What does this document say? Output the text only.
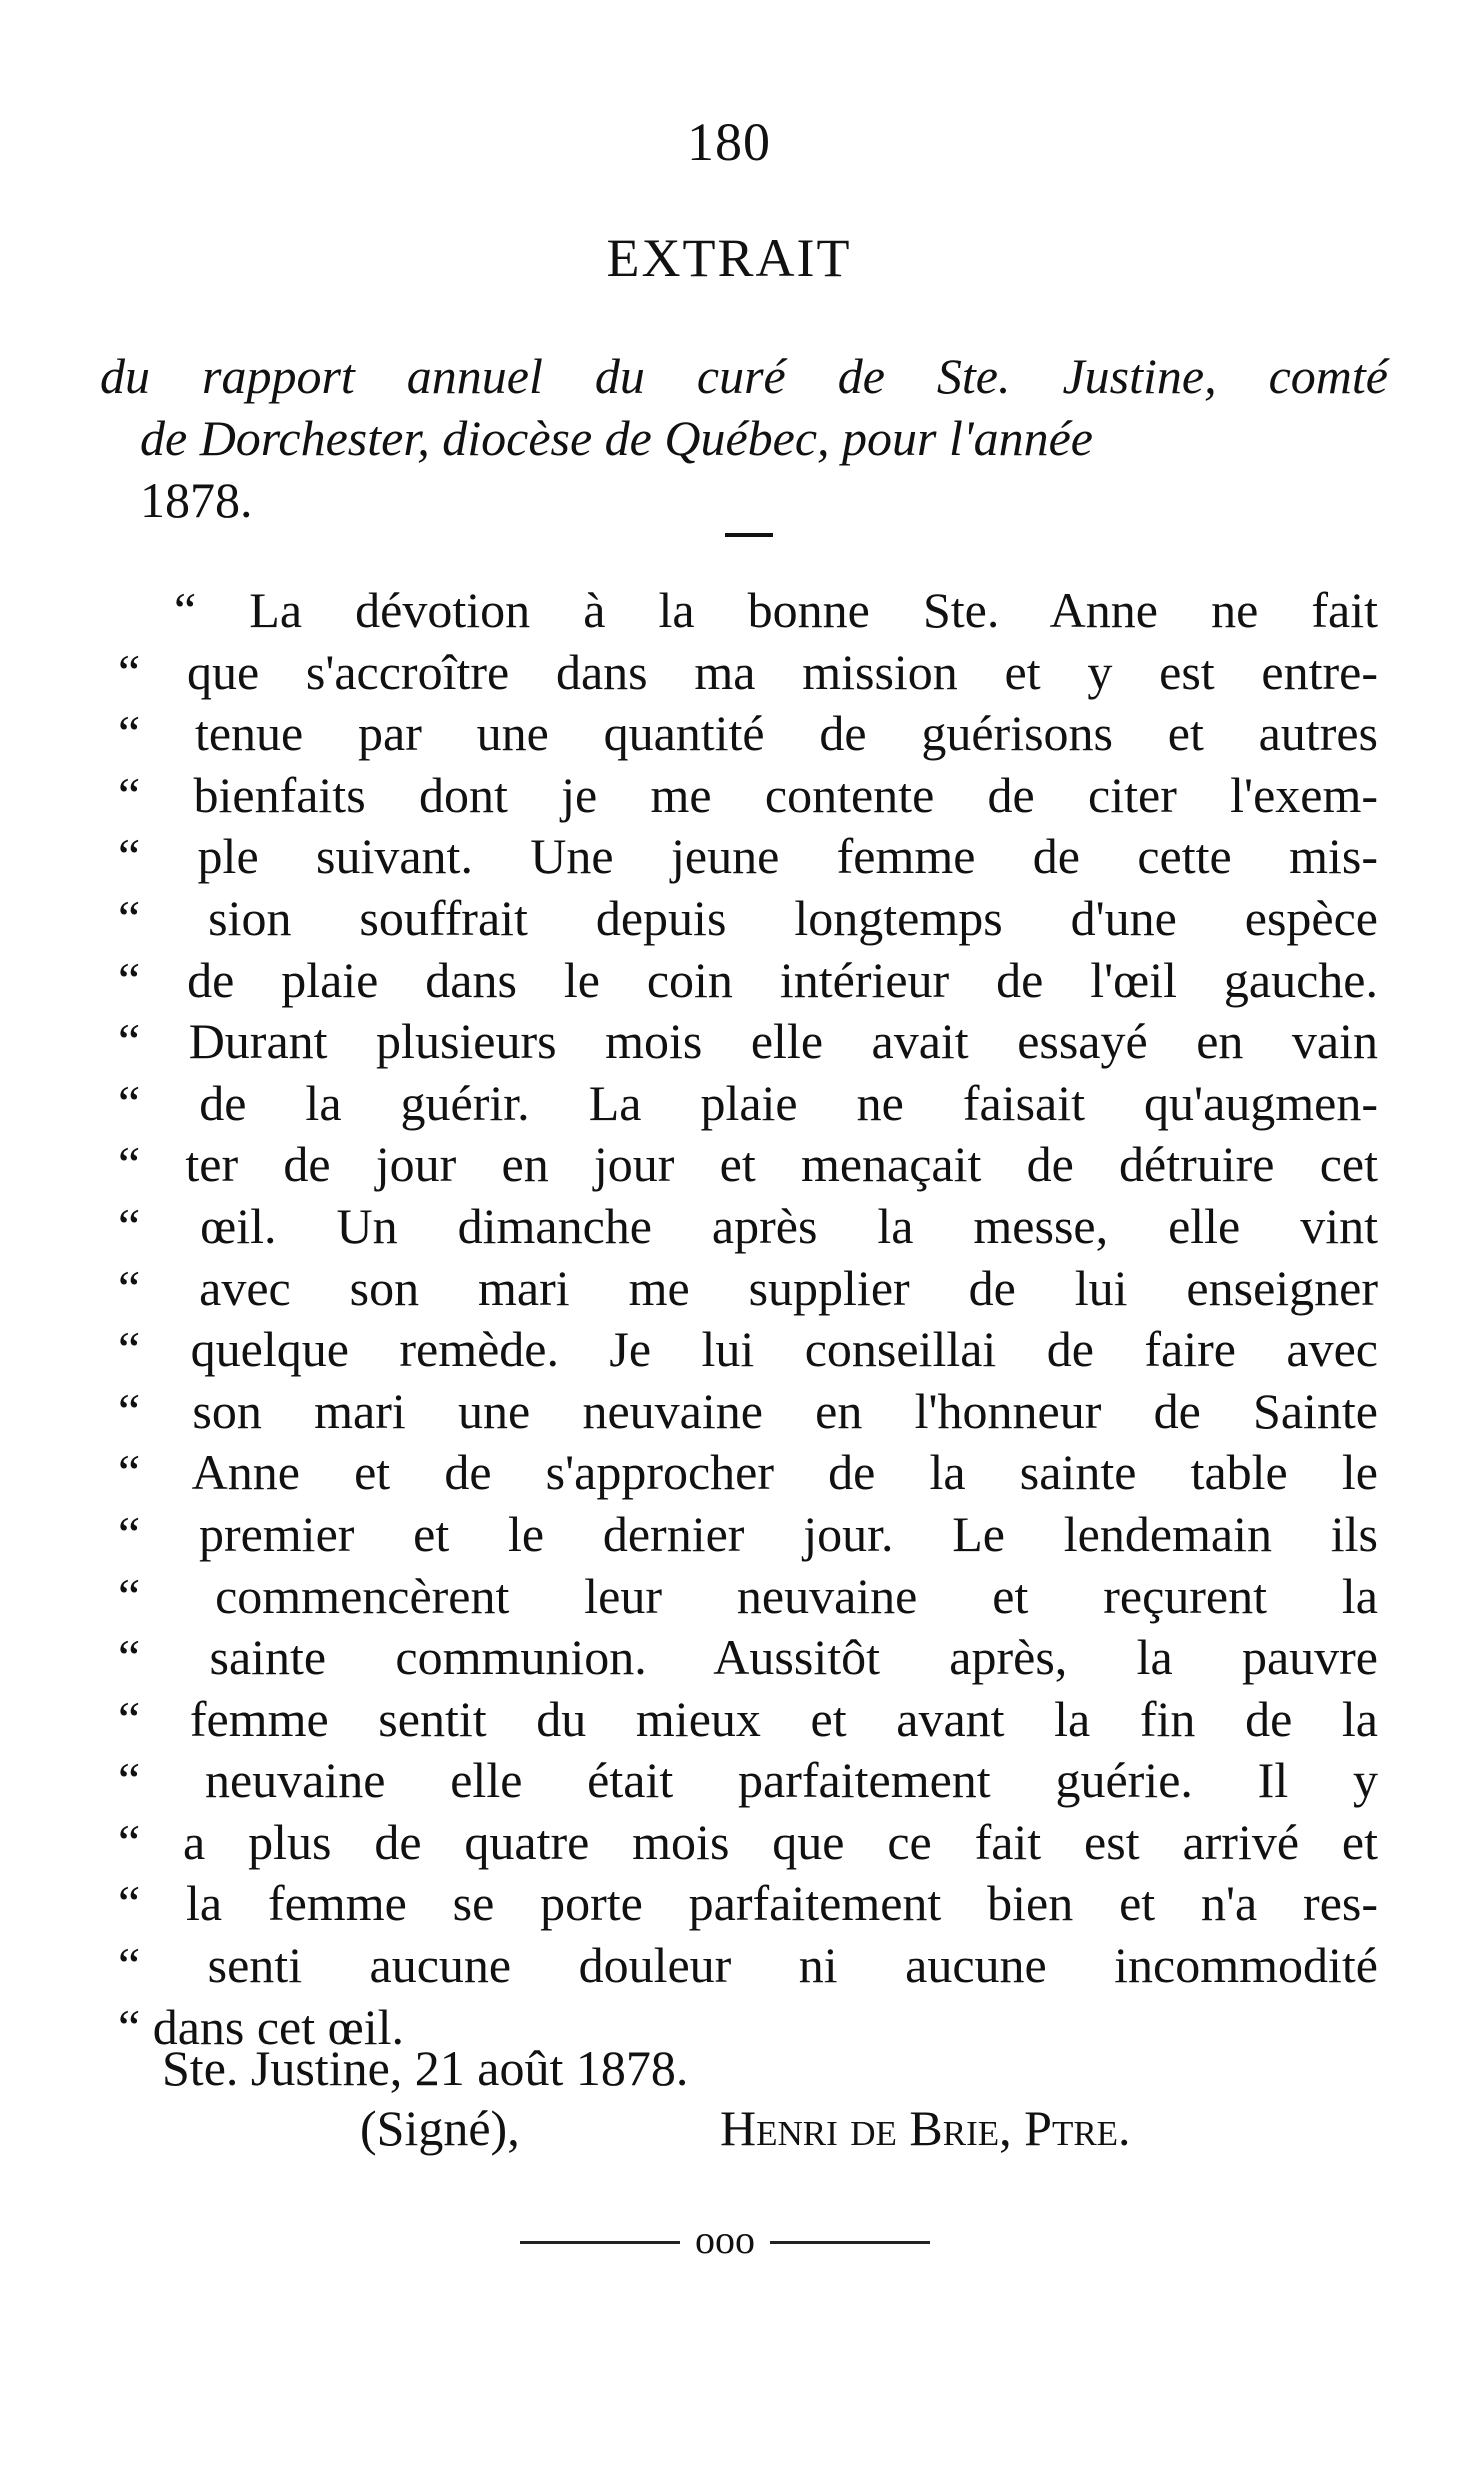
180
EXTRAIT
du rapport annuel du curé de Ste. Justine, comté
de Dorchester, diocèse de Québec, pour l'année
1878.
“ La dévotion à la bonne Ste. Anne ne fait
“ que s'accroître dans ma mission et y est entre-
“ tenue par une quantité de guérisons et autres
“ bienfaits dont je me contente de citer l'exem-
“ ple suivant. Une jeune femme de cette mis-
“ sion souffrait depuis longtemps d'une espèce
“ de plaie dans le coin intérieur de l'œil gauche.
“ Durant plusieurs mois elle avait essayé en vain
“ de la guérir. La plaie ne faisait qu'augmen-
“ ter de jour en jour et menaçait de détruire cet
“ œil. Un dimanche après la messe, elle vint
“ avec son mari me supplier de lui enseigner
“ quelque remède. Je lui conseillai de faire avec
“ son mari une neuvaine en l'honneur de Sainte
“ Anne et de s'approcher de la sainte table le
“ premier et le dernier jour. Le lendemain ils
“ commencèrent leur neuvaine et reçurent la
“ sainte communion. Aussitôt après, la pauvre
“ femme sentit du mieux et avant la fin de la
“ neuvaine elle était parfaitement guérie. Il y
“ a plus de quatre mois que ce fait est arrivé et
“ la femme se porte parfaitement bien et n'a res-
“ senti aucune douleur ni aucune incommodité
“ dans cet œil.
Ste. Justine, 21 août 1878.
(Signé),	Henri de Brie, Ptre.
ooo
